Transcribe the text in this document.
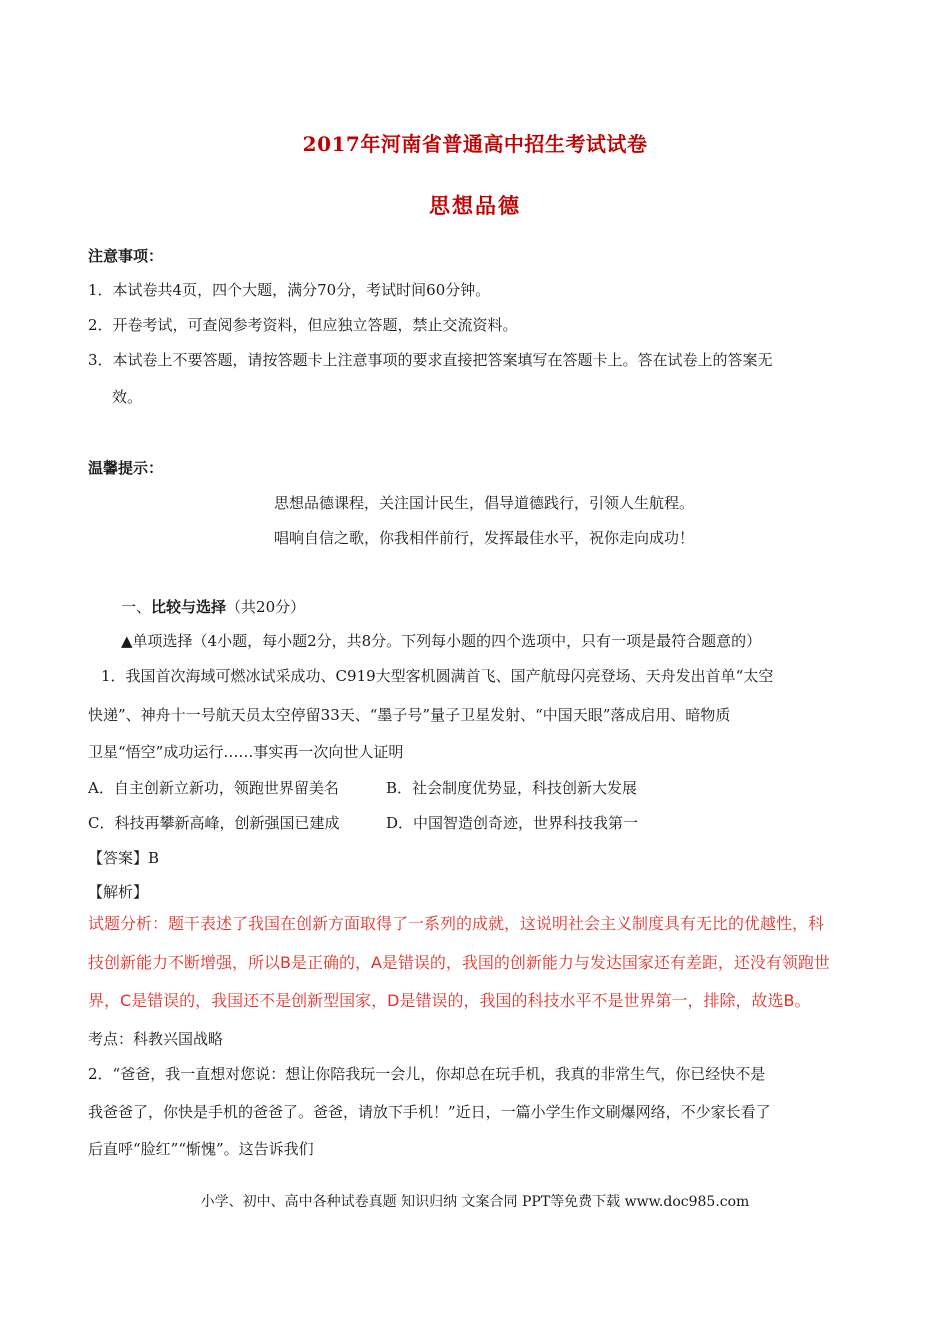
2017年河南省普通高中招生考试试卷
思想品德
注意事项：
1．本试卷共4页，四个大题，满分70分，考试时间60分钟。
2．开卷考试，可查阅参考资料，但应独立答题，禁止交流资料。
3．本试卷上不要答题，请按答题卡上注意事项的要求直接把答案填写在答题卡上。答在试卷上的答案无
效。
温馨提示：
思想品德课程，关注国计民生，倡导道德践行，引领人生航程。
唱响自信之歌，你我相伴前行，发挥最佳水平，祝你走向成功！
一、比较与选择（共20分）
▲单项选择（4小题，每小题2分，共8分。下列每小题的四个选项中，只有一项是最符合题意的）
1．我国首次海域可燃冰试采成功、C919大型客机圆满首飞、国产航母闪亮登场、天舟发出首单“太空
快递”、神舟十一号航天员太空停留33天、“墨子号”量子卫星发射、“中国天眼”落成启用、暗物质
卫星“悟空”成功运行……事实再一次向世人证明
A．自主创新立新功，领跑世界留美名	B．社会制度优势显，科技创新大发展
C．科技再攀新高峰，创新强国已建成	D．中国智造创奇迹，世界科技我第一
【答案】B
【解析】
试题分析：题干表述了我国在创新方面取得了一系列的成就，这说明社会主义制度具有无比的优越性，科
技创新能力不断增强，所以B是正确的，A是错误的，我国的创新能力与发达国家还有差距，还没有领跑世
界，C是错误的，我国还不是创新型国家，D是错误的，我国的科技水平不是世界第一，排除，故选B。
考点：科教兴国战略
2．“爸爸，我一直想对您说：想让你陪我玩一会儿，你却总在玩手机，我真的非常生气，你已经快不是
我爸爸了，你快是手机的爸爸了。爸爸，请放下手机！”近日，一篇小学生作文刷爆网络，不少家长看了
后直呼“脸红”“惭愧”。这告诉我们
小学、初中、高中各种试卷真题 知识归纳 文案合同 PPT等免费下载 www.doc985.com
